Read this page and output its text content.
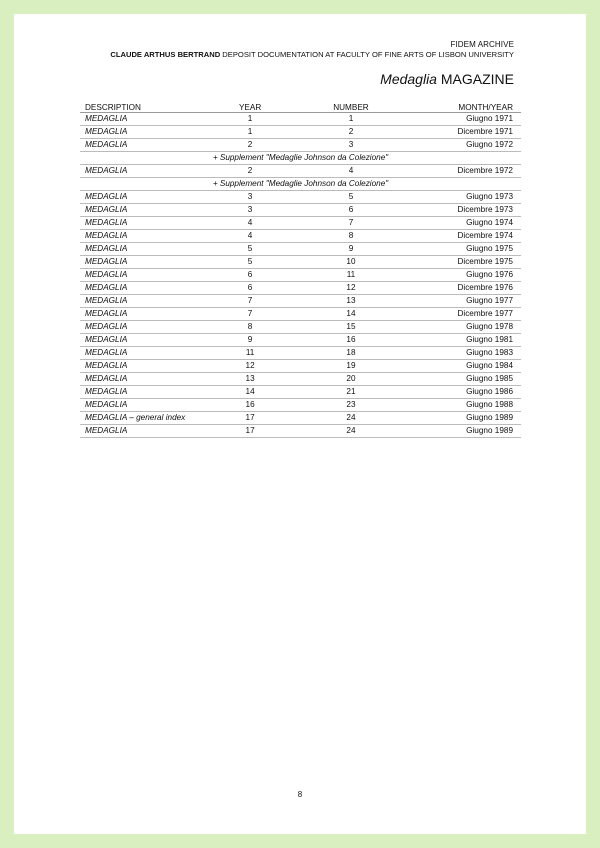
FIDEM ARCHIVE
CLAUDE ARTHUS BERTRAND DEPOSIT DOCUMENTATION AT FACULTY OF FINE ARTS OF LISBON UNIVERSITY
Medaglia MAGAZINE
DESCRIPTION	YEAR	NUMBER	MONTH/YEAR
MEDAGLIA	1	1	Giugno 1971
MEDAGLIA	1	2	Dicembre 1971
MEDAGLIA	2	3	Giugno 1972
+ Supplement "Medaglie Johnson da Colezione"			
MEDAGLIA	2	4	Dicembre 1972
+ Supplement "Medaglie Johnson da Colezione"			
MEDAGLIA	3	5	Giugno 1973
MEDAGLIA	3	6	Dicembre 1973
MEDAGLIA	4	7	Giugno 1974
MEDAGLIA	4	8	Dicembre 1974
MEDAGLIA	5	9	Giugno 1975
MEDAGLIA	5	10	Dicembre 1975
MEDAGLIA	6	11	Giugno 1976
MEDAGLIA	6	12	Dicembre 1976
MEDAGLIA	7	13	Giugno 1977
MEDAGLIA	7	14	Dicembre 1977
MEDAGLIA	8	15	Giugno 1978
MEDAGLIA	9	16	Giugno 1981
MEDAGLIA	11	18	Giugno 1983
MEDAGLIA	12	19	Giugno 1984
MEDAGLIA	13	20	Giugno 1985
MEDAGLIA	14	21	Giugno 1986
MEDAGLIA	16	23	Giugno 1988
MEDAGLIA – general index	17	24	Giugno 1989
MEDAGLIA	17	24	Giugno 1989
8
